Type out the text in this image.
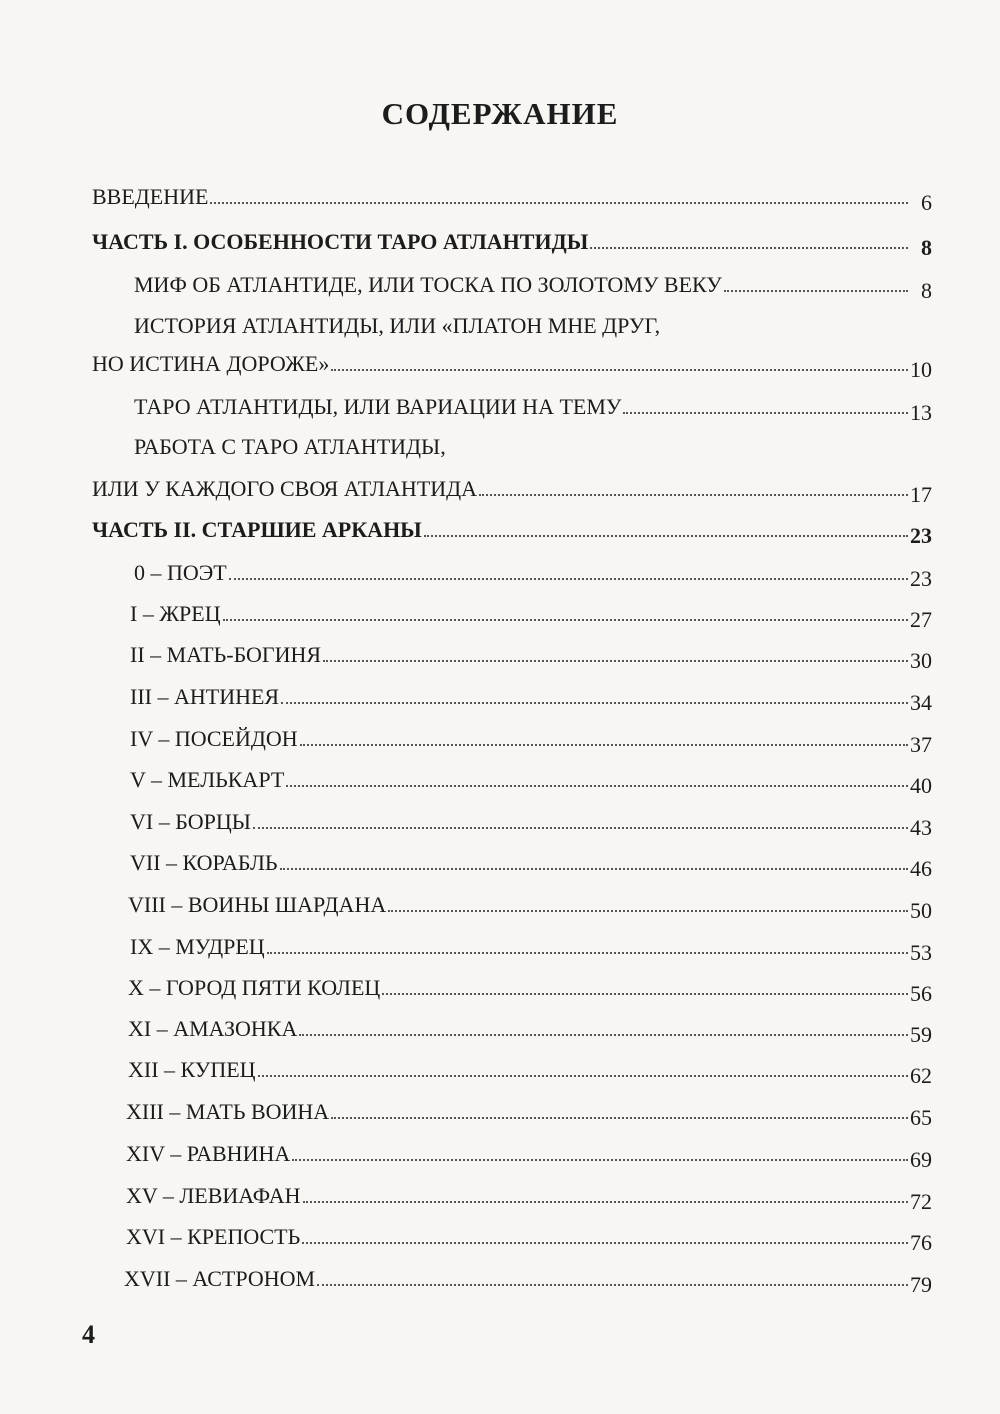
СОДЕРЖАНИЕ
ВВЕДЕНИЕ	6
ЧАСТЬ I. ОСОБЕННОСТИ ТАРО АТЛАНТИДЫ	8
МИФ ОБ АТЛАНТИДЕ, ИЛИ ТОСКА ПО ЗОЛОТОМУ ВЕКУ	8
ИСТОРИЯ АТЛАНТИДЫ, ИЛИ «ПЛАТОН МНЕ ДРУГ,
НО ИСТИНА ДОРОЖЕ»	10
ТАРО АТЛАНТИДЫ, ИЛИ ВАРИАЦИИ НА ТЕМУ	13
РАБОТА С ТАРО АТЛАНТИДЫ,
ИЛИ У КАЖДОГО СВОЯ АТЛАНТИДА	17
ЧАСТЬ II. СТАРШИЕ АРКАНЫ	23
0 – ПОЭТ	23
I – ЖРЕЦ	27
II – МАТЬ-БОГИНЯ	30
III – АНТИНЕЯ	34
IV – ПОСЕЙДОН	37
V – МЕЛЬКАРТ	40
VI – БОРЦЫ	43
VII – КОРАБЛЬ	46
VIII – ВОИНЫ ШАРДАНА	50
IX – МУДРЕЦ	53
X – ГОРОД ПЯТИ КОЛЕЦ	56
XI – АМАЗОНКА	59
XII – КУПЕЦ	62
XIII – МАТЬ ВОИНА	65
XIV – РАВНИНА	69
XV – ЛЕВИАФАН	72
XVI – КРЕПОСТЬ	76
XVII – АСТРОНОМ	79
4
